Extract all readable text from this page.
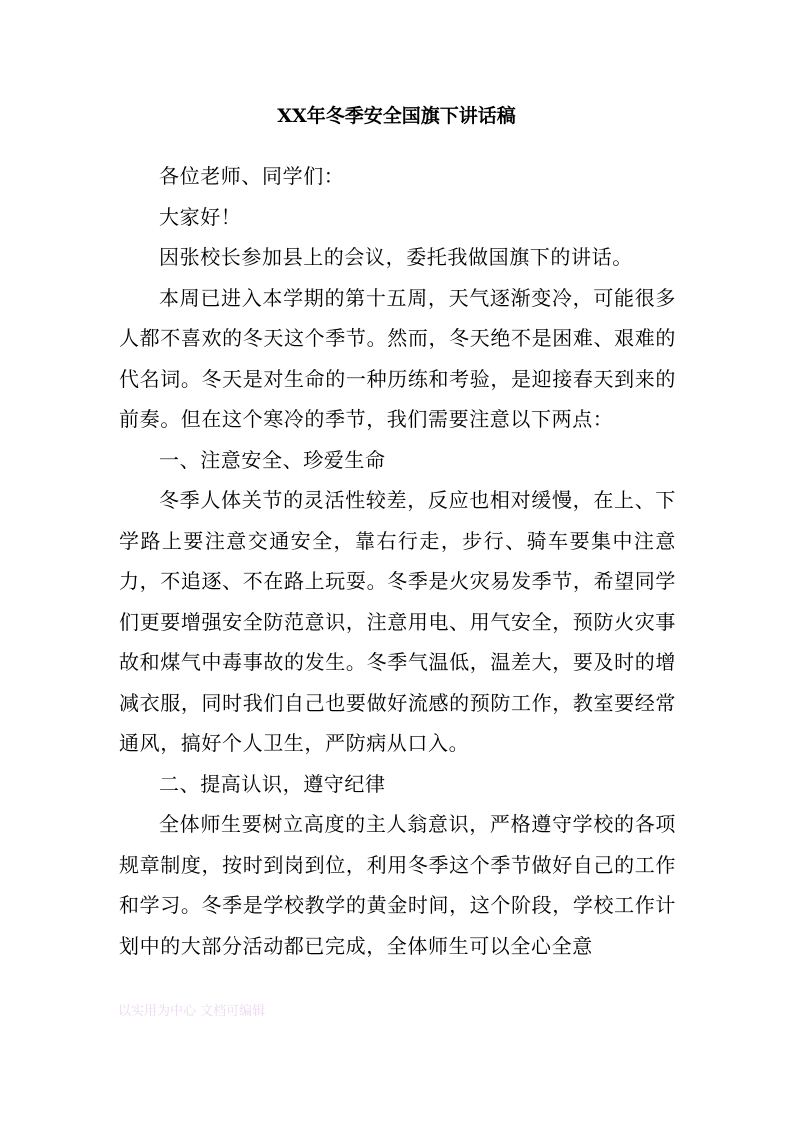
XX年冬季安全国旗下讲话稿

各位老师、同学们：

大家好！

因张校长参加县上的会议，委托我做国旗下的讲话。

本周已进入本学期的第十五周，天气逐渐变冷，可能很多人都不喜欢的冬天这个季节。然而，冬天绝不是困难、艰难的代名词。冬天是对生命的一种历练和考验，是迎接春天到来的前奏。但在这个寒冷的季节，我们需要注意以下两点：

一、注意安全、珍爱生命

冬季人体关节的灵活性较差，反应也相对缓慢，在上、下学路上要注意交通安全，靠右行走，步行、骑车要集中注意力，不追逐、不在路上玩耍。冬季是火灾易发季节，希望同学们更要增强安全防范意识，注意用电、用气安全，预防火灾事故和煤气中毒事故的发生。冬季气温低，温差大，要及时的增减衣服，同时我们自己也要做好流感的预防工作，教室要经常通风，搞好个人卫生，严防病从口入。

二、提高认识，遵守纪律

全体师生要树立高度的主人翁意识，严格遵守学校的各项规章制度，按时到岗到位，利用冬季这个季节做好自己的工作和学习。冬季是学校教学的黄金时间，这个阶段，学校工作计划中的大部分活动都已完成，全体师生可以全心全意

以实用为中心 文档可编辑
